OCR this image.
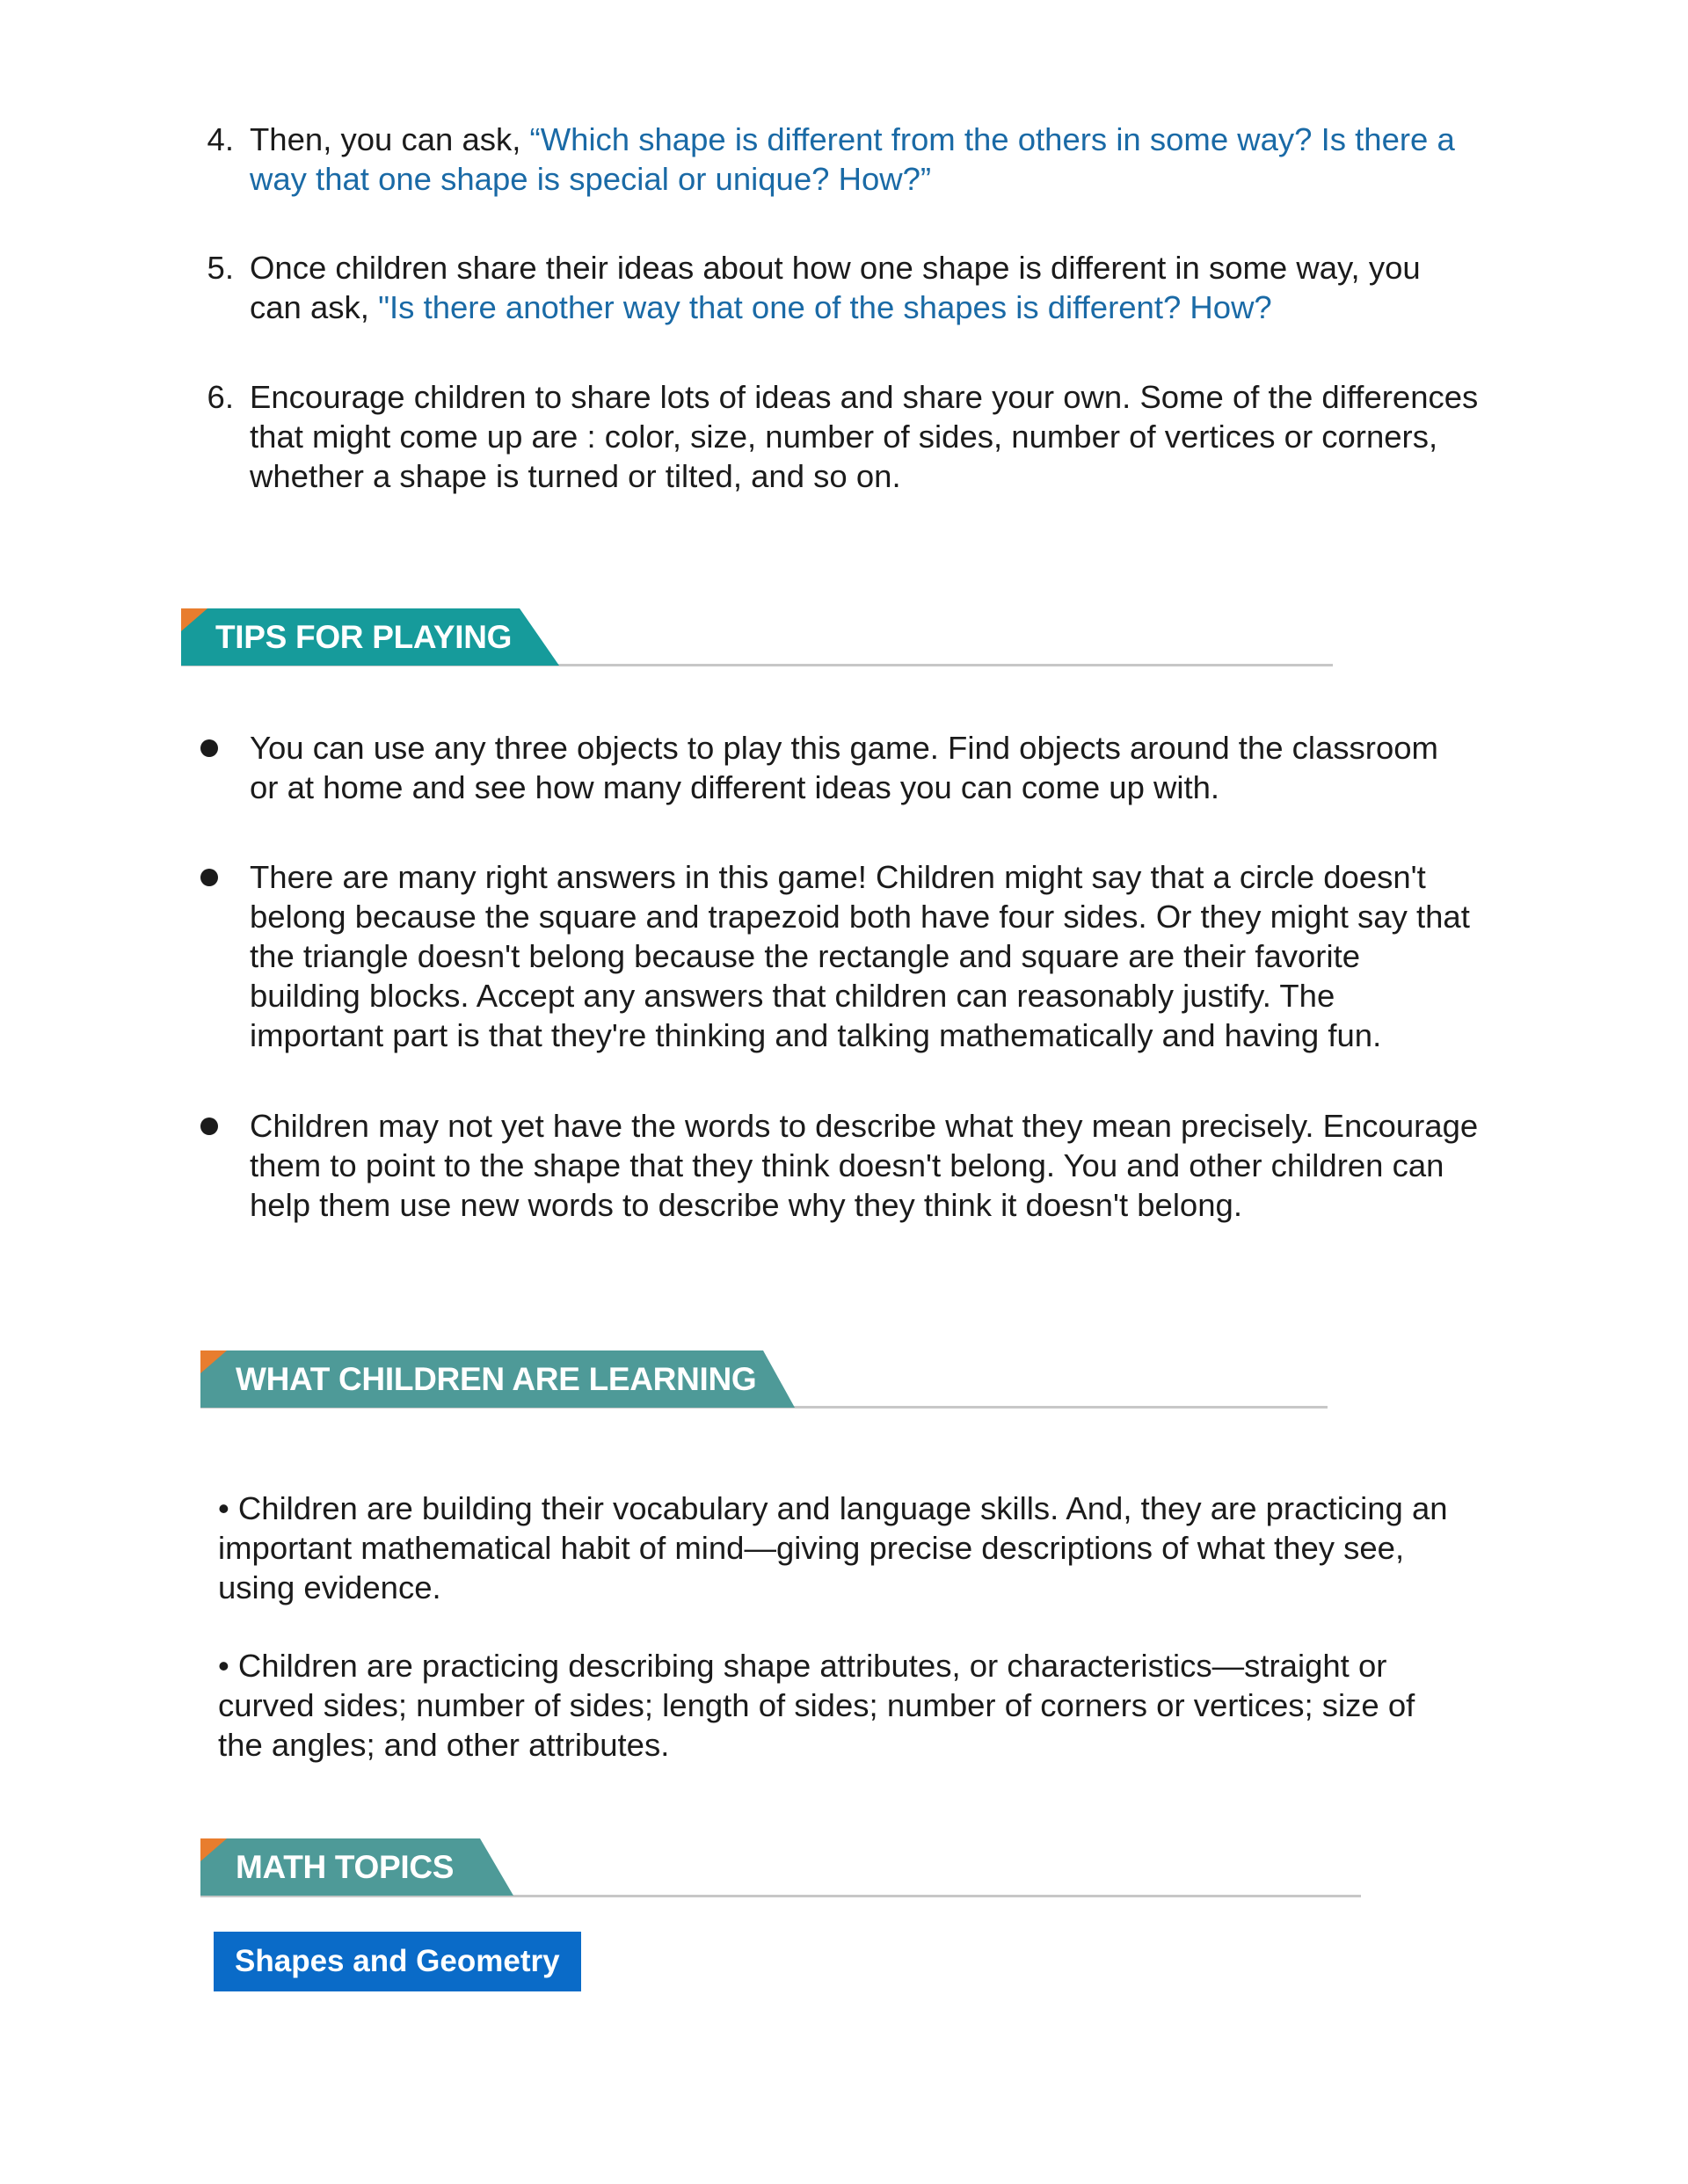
4. Then, you can ask, “Which shape is different from the others in some way? Is there a
way that one shape is special or unique? How?”
5. Once children share their ideas about how one shape is different in some way, you
can ask, "Is there another way that one of the shapes is different? How?
6. Encourage children to share lots of ideas and share your own. Some of the differences
that might come up are : color, size, number of sides, number of vertices or corners,
whether a shape is turned or tilted, and so on.
TIPS FOR PLAYING
You can use any three objects to play this game. Find objects around the classroom
or at home and see how many different ideas you can come up with.
There are many right answers in this game! Children might say that a circle doesn't
belong because the square and trapezoid both have four sides. Or they might say that
the triangle doesn't belong because the rectangle and square are their favorite
building blocks. Accept any answers that children can reasonably justify. The
important part is that they're thinking and talking mathematically and having fun.
Children may not yet have the words to describe what they mean precisely. Encourage
them to point to the shape that they think doesn't belong. You and other children can
help them use new words to describe why they think it doesn't belong.
WHAT CHILDREN ARE LEARNING
• Children are building their vocabulary and language skills. And, they are practicing an
important mathematical habit of mind—giving precise descriptions of what they see,
using evidence.
• Children are practicing describing shape attributes, or characteristics—straight or
curved sides; number of sides; length of sides; number of corners or vertices; size of
the angles; and other attributes.
MATH TOPICS
Shapes and Geometry
